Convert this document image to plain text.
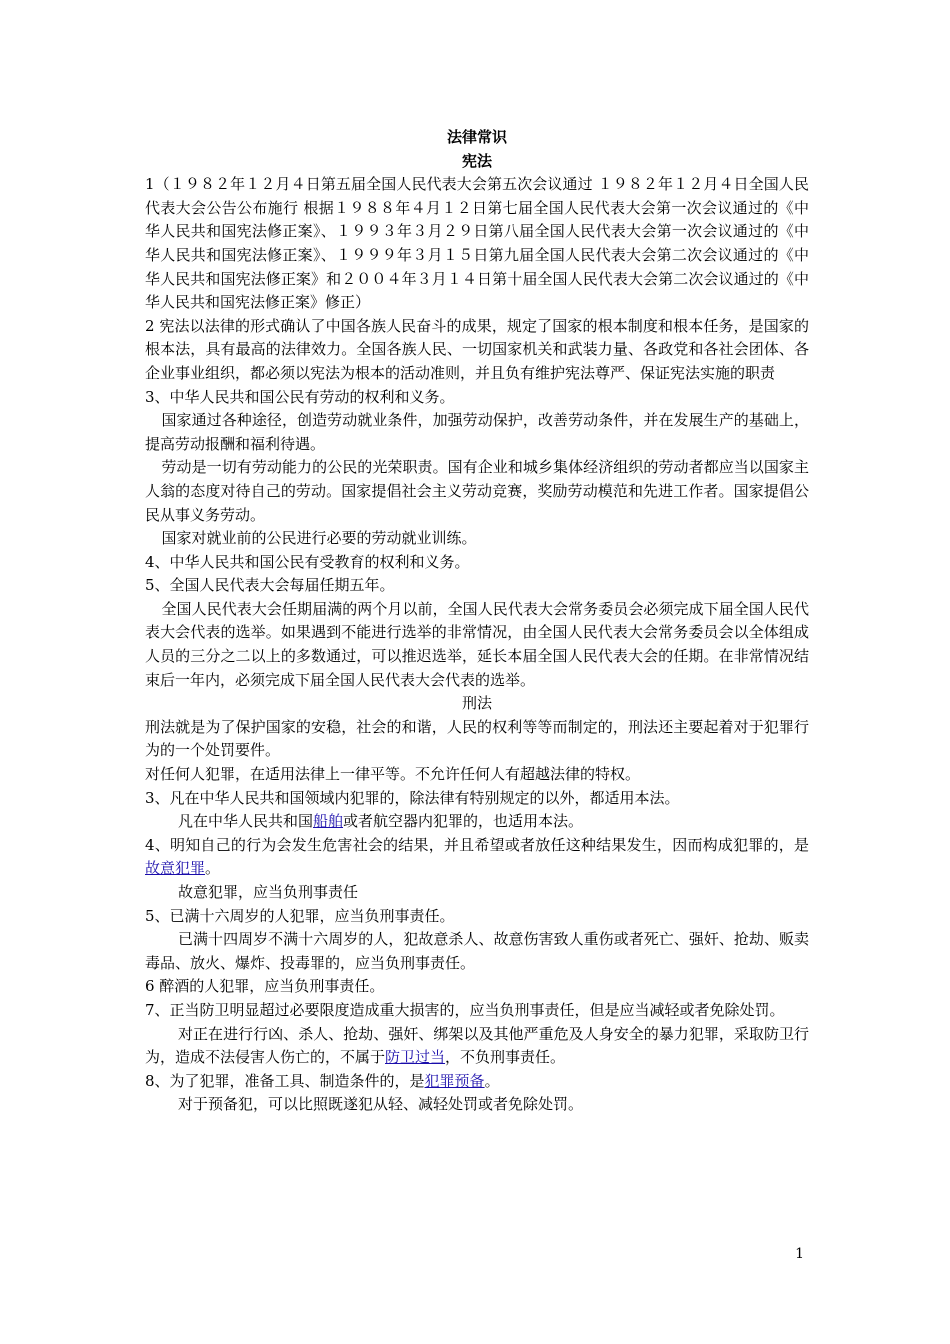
法律常识

宪法

1（１９８２年１２月４日第五届全国人民代表大会第五次会议通过 １９８２年１２月４日全国人民代表大会公告公布施行 根据１９８８年４月１２日第七届全国人民代表大会第一次会议通过的《中华人民共和国宪法修正案》、１９９３年３月２９日第八届全国人民代表大会第一次会议通过的《中华人民共和国宪法修正案》、１９９９年３月１５日第九届全国人民代表大会第二次会议通过的《中华人民共和国宪法修正案》和２００４年３月１４日第十届全国人民代表大会第二次会议通过的《中华人民共和国宪法修正案》修正）

2 宪法以法律的形式确认了中国各族人民奋斗的成果，规定了国家的根本制度和根本任务，是国家的根本法，具有最高的法律效力。全国各族人民、一切国家机关和武装力量、各政党和各社会团体、各企业事业组织，都必须以宪法为根本的活动准则，并且负有维护宪法尊严、保证宪法实施的职责

3、中华人民共和国公民有劳动的权利和义务。

国家通过各种途径，创造劳动就业条件，加强劳动保护，改善劳动条件，并在发展生产的基础上，提高劳动报酬和福利待遇。

劳动是一切有劳动能力的公民的光荣职责。国有企业和城乡集体经济组织的劳动者都应当以国家主人翁的态度对待自己的劳动。国家提倡社会主义劳动竞赛，奖励劳动模范和先进工作者。国家提倡公民从事义务劳动。

国家对就业前的公民进行必要的劳动就业训练。

4、中华人民共和国公民有受教育的权利和义务。

5、全国人民代表大会每届任期五年。

全国人民代表大会任期届满的两个月以前，全国人民代表大会常务委员会必须完成下届全国人民代表大会代表的选举。如果遇到不能进行选举的非常情况，由全国人民代表大会常务委员会以全体组成人员的三分之二以上的多数通过，可以推迟选举，延长本届全国人民代表大会的任期。在非常情况结束后一年内，必须完成下届全国人民代表大会代表的选举。

刑法

刑法就是为了保护国家的安稳，社会的和谐，人民的权利等等而制定的，刑法还主要起着对于犯罪行为的一个处罚要件。

对任何人犯罪，在适用法律上一律平等。不允许任何人有超越法律的特权。

3、凡在中华人民共和国领域内犯罪的，除法律有特别规定的以外，都适用本法。

凡在中华人民共和国船舶或者航空器内犯罪的，也适用本法。

4、明知自己的行为会发生危害社会的结果，并且希望或者放任这种结果发生，因而构成犯罪的，是故意犯罪。

故意犯罪，应当负刑事责任

5、已满十六周岁的人犯罪，应当负刑事责任。

已满十四周岁不满十六周岁的人，犯故意杀人、故意伤害致人重伤或者死亡、强奸、抢劫、贩卖毒品、放火、爆炸、投毒罪的，应当负刑事责任。

6 醉酒的人犯罪，应当负刑事责任。

7、正当防卫明显超过必要限度造成重大损害的，应当负刑事责任，但是应当减轻或者免除处罚。

对正在进行行凶、杀人、抢劫、强奸、绑架以及其他严重危及人身安全的暴力犯罪，采取防卫行为，造成不法侵害人伤亡的，不属于防卫过当，不负刑事责任。

8、为了犯罪，准备工具、制造条件的，是犯罪预备。

对于预备犯，可以比照既遂犯从轻、减轻处罚或者免除处罚。

1
